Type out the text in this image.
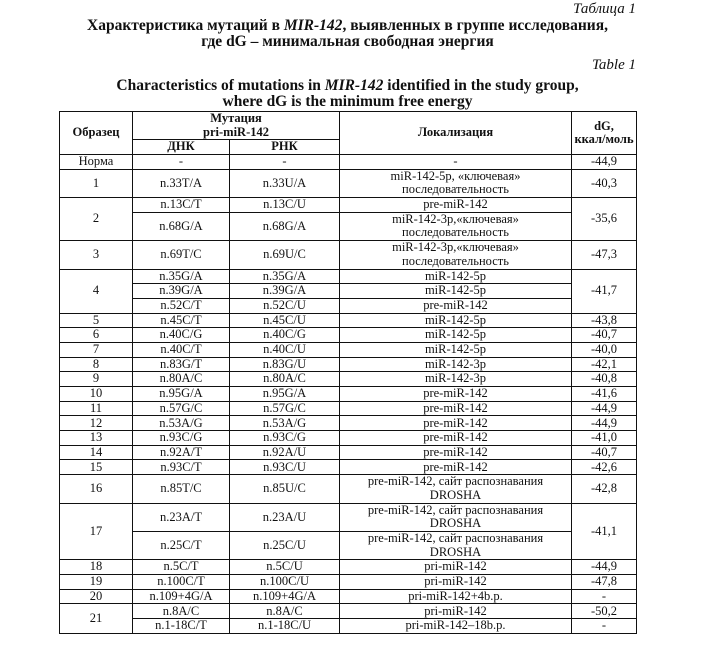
Таблица 1
Характеристика мутаций в MIR-142, выявленных в группе исследования,
где dG – минимальная свободная энергия
Table 1
Characteristics of mutations in MIR-142 identified in the study group,
where dG is the minimum free energy
Образец	
Мутация
pri-miR-142	Локализация	dG,
ккал/моль

	ДНК	РНК		
Норма	-	-	-	-44,9
1	n.33T/A	n.33U/A	miR-142-5p, «ключевая»
последовательность	-40,3
2	n.13C/T	n.13C/U	pre-miR-142	-35,6
	n.68G/A	n.68G/A	miR-142-3p,«ключевая»
последовательность	

3	n.69T/C	n.69U/C	miR-142-3p,«ключевая»
последовательность	-47,3
4	n.35G/A	n.35G/A	miR-142-5p	-41,7
	n.39G/A	n.39G/A	miR-142-5p	
	n.52C/T	n.52C/U	pre-miR-142	
5	n.45C/T	n.45C/U	miR-142-5p	-43,8
6	n.40C/G	n.40C/G	miR-142-5p	-40,7
7	n.40C/T	n.40C/U	miR-142-5p	-40,0
8	n.83G/T	n.83G/U	miR-142-3p	-42,1
9	n.80A/C	n.80A/C	miR-142-3p	-40,8
10	n.95G/A	n.95G/A	pre-miR-142	-41,6
11	n.57G/C	n.57G/C	pre-miR-142	-44,9
12	n.53A/G	n.53A/G	pre-miR-142	-44,9
13	n.93C/G	n.93C/G	pre-miR-142	-41,0
14	n.92A/T	n.92A/U	pre-miR-142	-40,7
15	n.93C/T	n.93C/U	pre-miR-142	-42,6
16	n.85T/C	n.85U/C	pre-miR-142, сайт распознавания
DROSHA	-42,8
17	n.23A/T	n.23A/U	pre-miR-142, сайт распознавания
DROSHA	-41,1
	n.25C/T	n.25C/U	pre-miR-142, сайт распознавания
DROSHA	

18	n.5C/T	n.5C/U	pri-miR-142	-44,9
19	n.100C/T	n.100C/U	pri-miR-142	-47,8
20	n.109+4G/A	n.109+4G/A	pri-miR-142+4b.p.	-
21	n.8A/C	n.8A/C	pri-miR-142	-50,2
	n.1-18C/T	n.1-18C/U	pri-miR-142–18b.p.	-
